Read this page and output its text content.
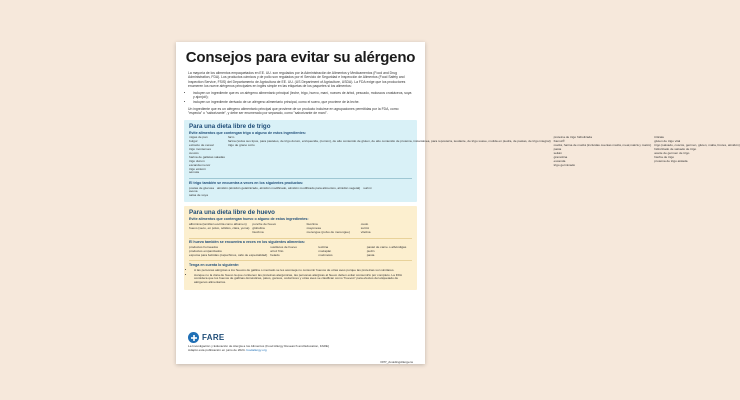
Consejos para evitar su alérgeno

La mayoría de los alimentos empaquetados en EE. UU. son regulados por la Administración de Alimentos y Medicamentos (Food and Drug Administration, FDA). Los productos cárnicos y de pollo son regulados por el Servicio de Seguridad e Inspección de Alimentos (Food Safety and Inspection Service, FSIS) del Departamento de Agricultura de EE. UU. (US Department of Agriculture, USDA). La FDA exige que los productores enumeren los nueve alérgenos principales en inglés simple en las etiquetas de los paquetes si los alimentos:

• incluyen un ingrediente que es un alérgeno alimentario principal (leche, trigo, huevo, maní, nueces de árbol, pescado, moluscos crustáceos, soya y ajonjolí);
• incluyen un ingrediente derivado de un alérgeno alimentario principal, como el suero, que proviene de la leche.

Un ingrediente que es un alérgeno alimentario principal que proviene de un producto incluirse en agrupaciones permitidas por la FDA, como "especia" o "saborizante", y debe ser enumerado por separado, como "saborizante de maní".

Para una dieta libre de trigo
Evite alimentos que contengan trigo o alguno de estos ingredientes:
migas de pan
bulgur
extracto de cereal
trigo montenses
cuscús
harina de galletas saladas
trigo durum
escanda menor
trigo einkorn
sémola
farro
farina (todos sus tipos, para pasteles, de trigo durum, enriquecida, (común), de alto contenido de gluten, de alto contenido de proteína, instantánea, para repostería, leudante, de trigo suave, molida en piedra, de pastas, de trigo integral)
trigo de grano corto
proteína de trigo hidrolizada
Kamut®
matzá, harina de matzá (incluidas cuentas matzá, meal,matzá y matzo)
pasta
seitán
gramolina
escanda
trigo germinado
triticale
gluten de trigo vital
trigo (salvado, cuscús, germen, gluten, malta, brotes, almidón)
hidrolizado de salvado de trigo
aceite de germen de trigo
hierba de trigo
proteína de trigo aislada
El trigo también se encuentra a veces en los siguientes productos:
postas de glucosa
avena
salsa de soya
almidón (almidón gelatinizado, almidón modificado, almidón modificado para alimentos, almidón vegetal) surimi
Para una dieta libre de huevo
Evite alimentos que contengan huevo o alguno de estos ingredientes:
albúmina (también escrita como albumen)
huevo (seco, en polvo, sólidos, clara, yema)
ponche de huevo
globulina
lisozima
lisozima
mayonesa
merengue (polvo de merengue)
ovulo
surimi
vitelina
El huevo también se encuentra a veces en los siguientes alimentos:
productos horneados
productos empanizados
espuma para bebidas (capuchinos, café de especialidad)
sustitutos de huevo
arroz frito
helado
lecitina
mazapán
mazmelos
pastel de carne o albóndigas
pudín
pasta
Tenga en cuenta lo siguiente:
• A las personas alérgicas a los huevos de gallina o mercado se les aconseja no consumir huevos de otras aves porque las proteínas son similares.
• Aunque no la clara de huevo la que contienen las proteínas alergénicas, las personas alérgicas al huevo deben evitar consumirlo por completo. La FDA considera que los huevos de gallinas domésticas, patos, gansos, codornices y otras aves se clasifican como "huevos" para efectos del etiquetado de alérgenos alimentarios.
FARE
La Investigación y Educación de Alergia a los Alimentos (Food Allergy Research and Education, FARE)
Adaptó esta publicación en junio de 2024. foodallergy.org
FPP_AvoidingAllergens
